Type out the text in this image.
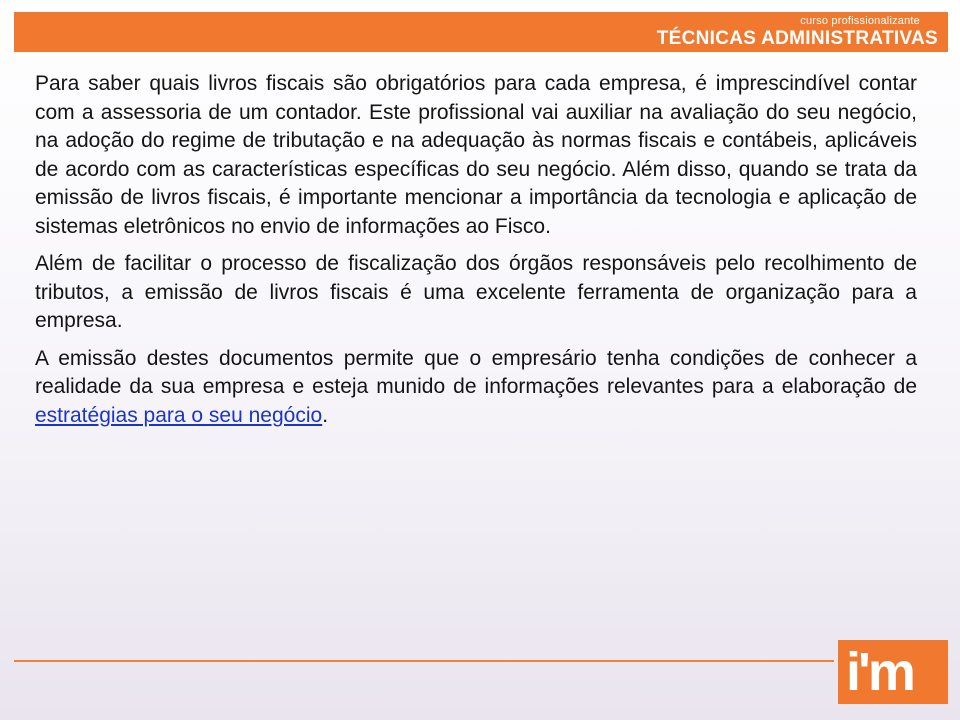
curso profissionalizante
TÉCNICAS ADMINISTRATIVAS

Para saber quais livros fiscais são obrigatórios para cada empresa, é imprescindível contar com a assessoria de um contador. Este profissional vai auxiliar na avaliação do seu negócio, na adoção do regime de tributação e na adequação às normas fiscais e contábeis, aplicáveis de acordo com as características específicas do seu negócio. Além disso, quando se trata da emissão de livros fiscais, é importante mencionar a importância da tecnologia e aplicação de sistemas eletrônicos no envio de informações ao Fisco.

Além de facilitar o processo de fiscalização dos órgãos responsáveis pelo recolhimento de tributos, a emissão de livros fiscais é uma excelente ferramenta de organização para a empresa.

A emissão destes documentos permite que o empresário tenha condições de conhecer a realidade da sua empresa e esteja munido de informações relevantes para a elaboração de estratégias para o seu negócio.

i'm
